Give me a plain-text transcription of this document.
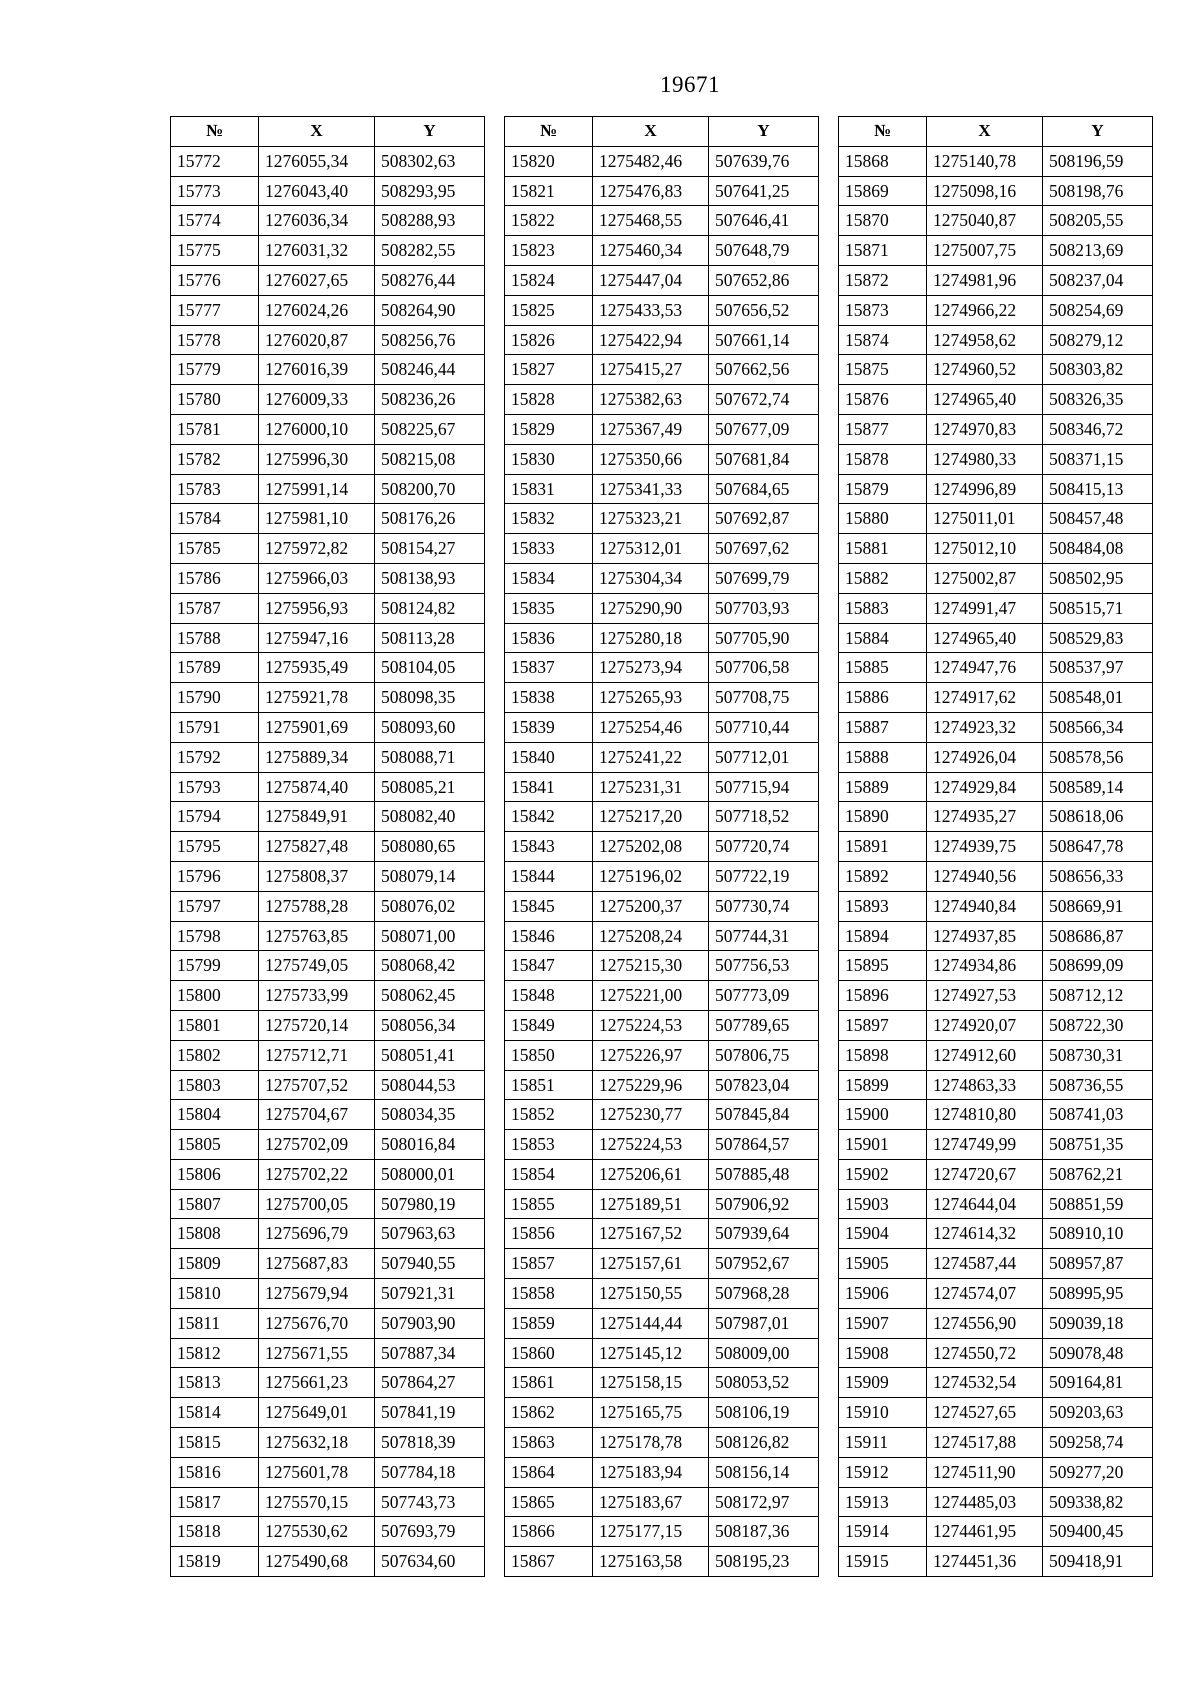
19671
№	X	Y
15772	1276055,34	508302,63
15773	1276043,40	508293,95
15774	1276036,34	508288,93
15775	1276031,32	508282,55
15776	1276027,65	508276,44
15777	1276024,26	508264,90
15778	1276020,87	508256,76
15779	1276016,39	508246,44
15780	1276009,33	508236,26
15781	1276000,10	508225,67
15782	1275996,30	508215,08
15783	1275991,14	508200,70
15784	1275981,10	508176,26
15785	1275972,82	508154,27
15786	1275966,03	508138,93
15787	1275956,93	508124,82
15788	1275947,16	508113,28
15789	1275935,49	508104,05
15790	1275921,78	508098,35
15791	1275901,69	508093,60
15792	1275889,34	508088,71
15793	1275874,40	508085,21
15794	1275849,91	508082,40
15795	1275827,48	508080,65
15796	1275808,37	508079,14
15797	1275788,28	508076,02
15798	1275763,85	508071,00
15799	1275749,05	508068,42
15800	1275733,99	508062,45
15801	1275720,14	508056,34
15802	1275712,71	508051,41
15803	1275707,52	508044,53
15804	1275704,67	508034,35
15805	1275702,09	508016,84
15806	1275702,22	508000,01
15807	1275700,05	507980,19
15808	1275696,79	507963,63
15809	1275687,83	507940,55
15810	1275679,94	507921,31
15811	1275676,70	507903,90
15812	1275671,55	507887,34
15813	1275661,23	507864,27
15814	1275649,01	507841,19
15815	1275632,18	507818,39
15816	1275601,78	507784,18
15817	1275570,15	507743,73
15818	1275530,62	507693,79
15819	1275490,68	507634,60
№	X	Y
15820	1275482,46	507639,76
15821	1275476,83	507641,25
15822	1275468,55	507646,41
15823	1275460,34	507648,79
15824	1275447,04	507652,86
15825	1275433,53	507656,52
15826	1275422,94	507661,14
15827	1275415,27	507662,56
15828	1275382,63	507672,74
15829	1275367,49	507677,09
15830	1275350,66	507681,84
15831	1275341,33	507684,65
15832	1275323,21	507692,87
15833	1275312,01	507697,62
15834	1275304,34	507699,79
15835	1275290,90	507703,93
15836	1275280,18	507705,90
15837	1275273,94	507706,58
15838	1275265,93	507708,75
15839	1275254,46	507710,44
15840	1275241,22	507712,01
15841	1275231,31	507715,94
15842	1275217,20	507718,52
15843	1275202,08	507720,74
15844	1275196,02	507722,19
15845	1275200,37	507730,74
15846	1275208,24	507744,31
15847	1275215,30	507756,53
15848	1275221,00	507773,09
15849	1275224,53	507789,65
15850	1275226,97	507806,75
15851	1275229,96	507823,04
15852	1275230,77	507845,84
15853	1275224,53	507864,57
15854	1275206,61	507885,48
15855	1275189,51	507906,92
15856	1275167,52	507939,64
15857	1275157,61	507952,67
15858	1275150,55	507968,28
15859	1275144,44	507987,01
15860	1275145,12	508009,00
15861	1275158,15	508053,52
15862	1275165,75	508106,19
15863	1275178,78	508126,82
15864	1275183,94	508156,14
15865	1275183,67	508172,97
15866	1275177,15	508187,36
15867	1275163,58	508195,23
№	X	Y
15868	1275140,78	508196,59
15869	1275098,16	508198,76
15870	1275040,87	508205,55
15871	1275007,75	508213,69
15872	1274981,96	508237,04
15873	1274966,22	508254,69
15874	1274958,62	508279,12
15875	1274960,52	508303,82
15876	1274965,40	508326,35
15877	1274970,83	508346,72
15878	1274980,33	508371,15
15879	1274996,89	508415,13
15880	1275011,01	508457,48
15881	1275012,10	508484,08
15882	1275002,87	508502,95
15883	1274991,47	508515,71
15884	1274965,40	508529,83
15885	1274947,76	508537,97
15886	1274917,62	508548,01
15887	1274923,32	508566,34
15888	1274926,04	508578,56
15889	1274929,84	508589,14
15890	1274935,27	508618,06
15891	1274939,75	508647,78
15892	1274940,56	508656,33
15893	1274940,84	508669,91
15894	1274937,85	508686,87
15895	1274934,86	508699,09
15896	1274927,53	508712,12
15897	1274920,07	508722,30
15898	1274912,60	508730,31
15899	1274863,33	508736,55
15900	1274810,80	508741,03
15901	1274749,99	508751,35
15902	1274720,67	508762,21
15903	1274644,04	508851,59
15904	1274614,32	508910,10
15905	1274587,44	508957,87
15906	1274574,07	508995,95
15907	1274556,90	509039,18
15908	1274550,72	509078,48
15909	1274532,54	509164,81
15910	1274527,65	509203,63
15911	1274517,88	509258,74
15912	1274511,90	509277,20
15913	1274485,03	509338,82
15914	1274461,95	509400,45
15915	1274451,36	509418,91
